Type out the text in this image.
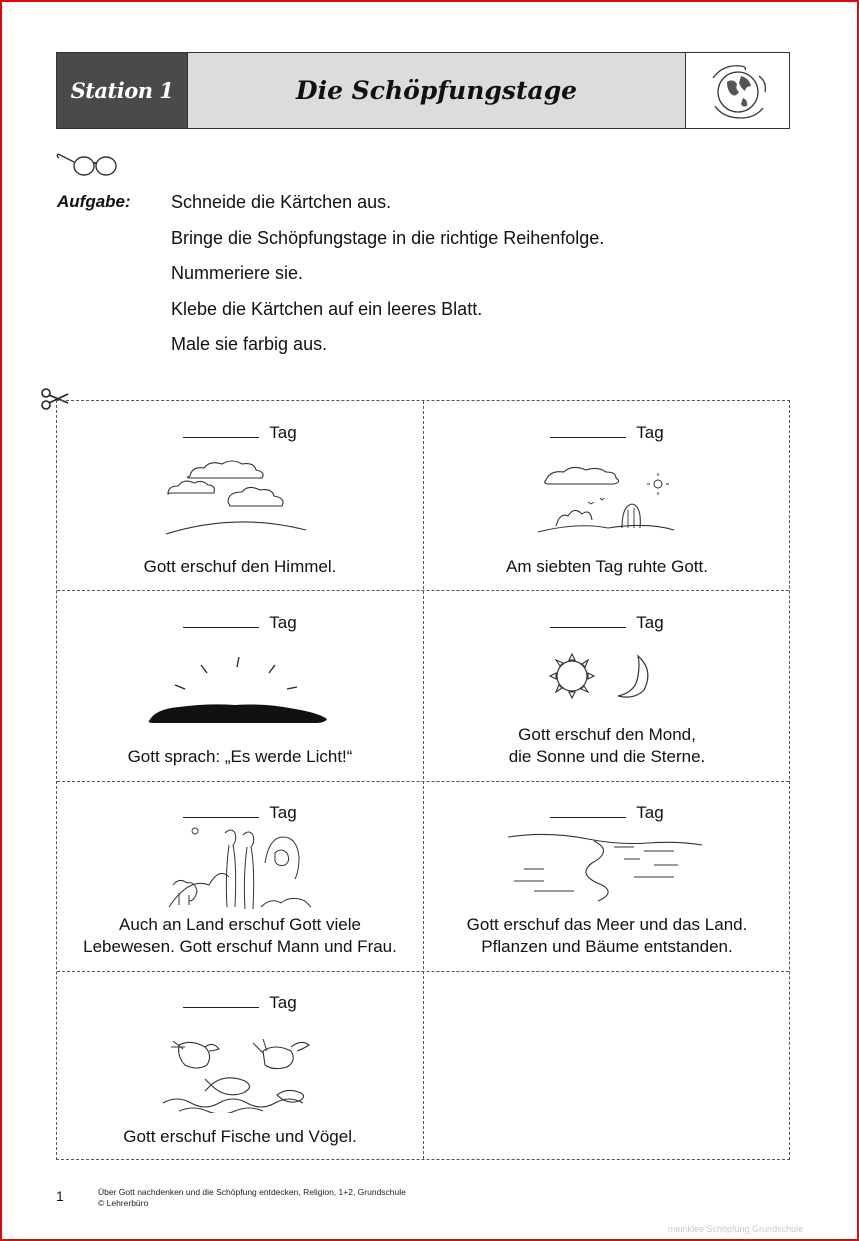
Station 1	Die Schöpfungstage
Aufgabe: Schneide die Kärtchen aus.
Bringe die Schöpfungstage in die richtige Reihenfolge.
Nummeriere sie.
Klebe die Kärtchen auf ein leeres Blatt.
Male sie farbig aus.
Tag
Gott erschuf den Himmel.
Tag
Am siebten Tag ruhte Gott.
Tag
Gott sprach: „Es werde Licht!“
Tag
Gott erschuf den Mond,
die Sonne und die Sterne.
Tag
Auch an Land erschuf Gott viele
Lebewesen. Gott erschuf Mann und Frau.
Tag
Gott erschuf das Meer und das Land.
Pflanzen und Bäume entstanden.
Tag
Gott erschuf Fische und Vögel.
1	Über Gott nachdenken und die Schöpfung entdecken, Religion, 1+2, Grundschule
© Lehrerbüro
meinklee Schöpfung Grundschule
